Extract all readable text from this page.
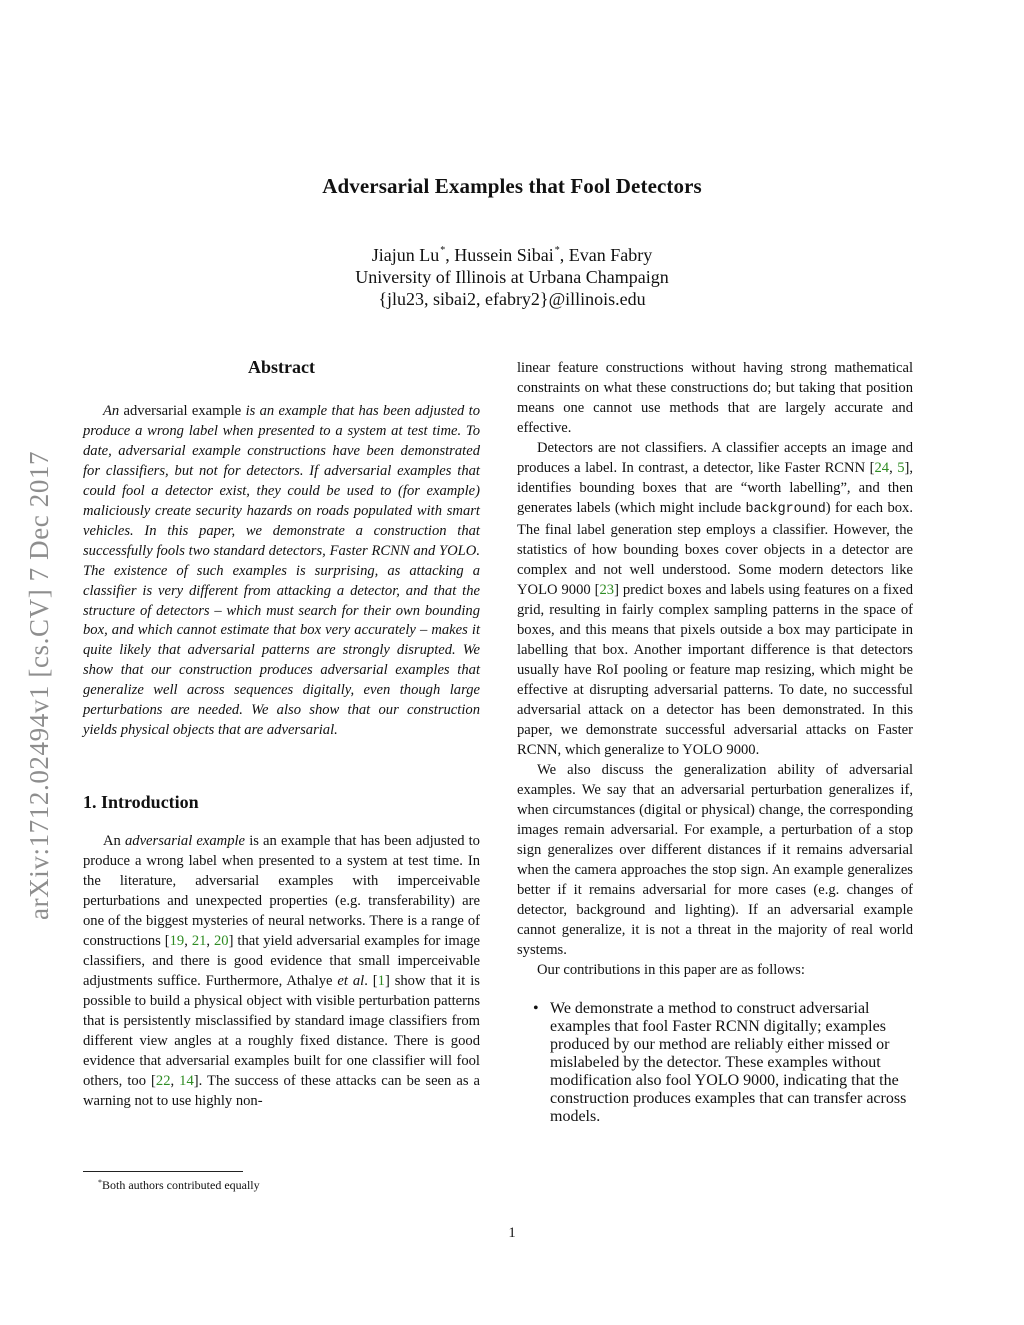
arXiv:1712.02494v1 [cs.CV] 7 Dec 2017
Adversarial Examples that Fool Detectors
Jiajun Lu*, Hussein Sibai*, Evan Fabry
University of Illinois at Urbana Champaign
{jlu23, sibai2, efabry2}@illinois.edu
Abstract

An adversarial example is an example that has been adjusted to produce a wrong label when presented to a system at test time. To date, adversarial example constructions have been demonstrated for classifiers, but not for detectors. If adversarial examples that could fool a detector exist, they could be used to (for example) maliciously create security hazards on roads populated with smart vehicles. In this paper, we demonstrate a construction that successfully fools two standard detectors, Faster RCNN and YOLO. The existence of such examples is surprising, as attacking a classifier is very different from attacking a detector, and that the structure of detectors – which must search for their own bounding box, and which cannot estimate that box very accurately – makes it quite likely that adversarial patterns are strongly disrupted. We show that our construction produces adversarial examples that generalize well across sequences digitally, even though large perturbations are needed. We also show that our construction yields physical objects that are adversarial.

1. Introduction

An adversarial example is an example that has been adjusted to produce a wrong label when presented to a system at test time. In the literature, adversarial examples with imperceivable perturbations and unexpected properties (e.g. transferability) are one of the biggest mysteries of neural networks. There is a range of constructions [19, 21, 20] that yield adversarial examples for image classifiers, and there is good evidence that small imperceivable adjustments suffice. Furthermore, Athalye et al. [1] show that it is possible to build a physical object with visible perturbation patterns that is persistently misclassified by standard image classifiers from different view angles at a roughly fixed distance. There is good evidence that adversarial examples built for one classifier will fool others, too [22, 14]. The success of these attacks can be seen as a warning not to use highly non-

linear feature constructions without having strong mathematical constraints on what these constructions do; but taking that position means one cannot use methods that are largely accurate and effective.

Detectors are not classifiers. A classifier accepts an image and produces a label. In contrast, a detector, like Faster RCNN [24, 5], identifies bounding boxes that are “worth labelling”, and then generates labels (which might include background) for each box. The final label generation step employs a classifier. However, the statistics of how bounding boxes cover objects in a detector are complex and not well understood. Some modern detectors like YOLO 9000 [23] predict boxes and labels using features on a fixed grid, resulting in fairly complex sampling patterns in the space of boxes, and this means that pixels outside a box may participate in labelling that box. Another important difference is that detectors usually have RoI pooling or feature map resizing, which might be effective at disrupting adversarial patterns. To date, no successful adversarial attack on a detector has been demonstrated. In this paper, we demonstrate successful adversarial attacks on Faster RCNN, which generalize to YOLO 9000.

We also discuss the generalization ability of adversarial examples. We say that an adversarial perturbation generalizes if, when circumstances (digital or physical) change, the corresponding images remain adversarial. For example, a perturbation of a stop sign generalizes over different distances if it remains adversarial when the camera approaches the stop sign. An example generalizes better if it remains adversarial for more cases (e.g. changes of detector, background and lighting). If an adversarial example cannot generalize, it is not a threat in the majority of real world systems.

Our contributions in this paper are as follows:

• We demonstrate a method to construct adversarial examples that fool Faster RCNN digitally; examples produced by our method are reliably either missed or mislabeled by the detector. These examples without modification also fool YOLO 9000, indicating that the construction produces examples that can transfer across models.
*Both authors contributed equally
1
